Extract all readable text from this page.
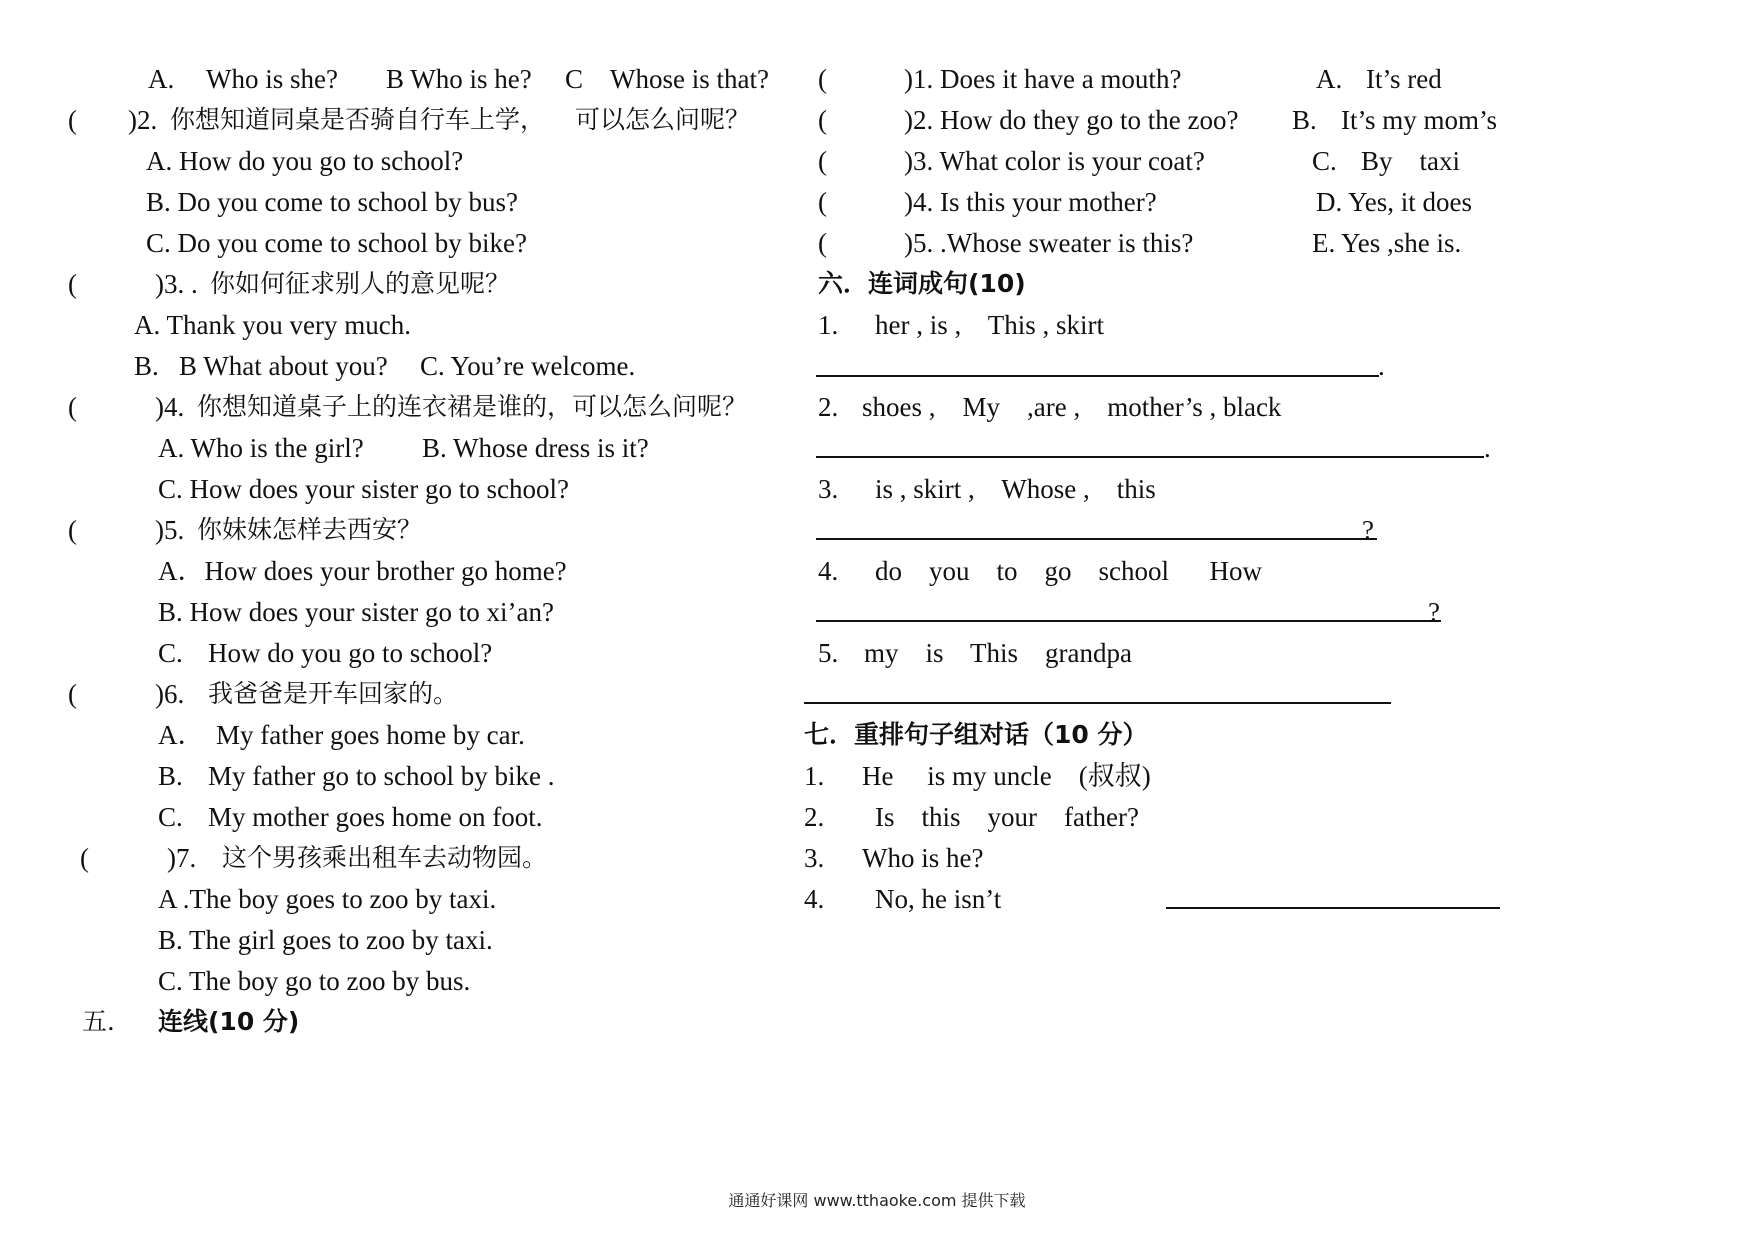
A. Who is she? B Who is he? C Whose is that?
( )2. 你想知道同桌是否骑自行车上学， 可以怎么问呢？
A. How do you go to school?
B. Do you come to school by bus?
C. Do you come to school by bike?
(	)3. . 你如何征求别人的意见呢？
A. Thank you very much.
B.   B What about you? C. You’re welcome.
(	)4. 你想知道桌子上的连衣裙是谁的，可以怎么问呢？
A. Who is the girl? B. Whose dress is it?
C. How does your sister go to school?
(	)5. 你妹妹怎样去西安？
A．How does your brother go home?
B. How does your sister go to xi’an?
C. How do you go to school?
(	)6. 我爸爸是开车回家的。
A． My father goes home by car.
B. My father go to school by bike .
C. My mother goes home on foot.
(	)7. 这个男孩乘出租车去动物园。
A .The boy goes to zoo by taxi.
B. The girl goes to zoo by taxi.
C. The boy go to zoo by bus.
五． 连线(10 分)
(	)1. Does it have a mouth?	A. It’s red
(	)2. How do they go to the zoo? B. It’s my mom’s
(	)3. What color is your coat?	C. By    taxi
(	)4. Is this your mother?	D. Yes, it does
(	)5. .Whose sweater is this?	E. Yes ,she is.
六．连词成句(10)
1. her , is ,    This , skirt
.
2. shoes ,    My    ,are ,    mother’s , black
.
3. is , skirt ,    Whose ,    this
?
4. do    you    to    go    school      How
?
5. my    is    This    grandpa
七．重排句子组对话（10 分）
1. He     is my uncle    (叔叔)
2. Is    this    your    father?
3. Who is he?
4. No, he isn’t
通通好课网 www.tthaoke.com 提供下载
